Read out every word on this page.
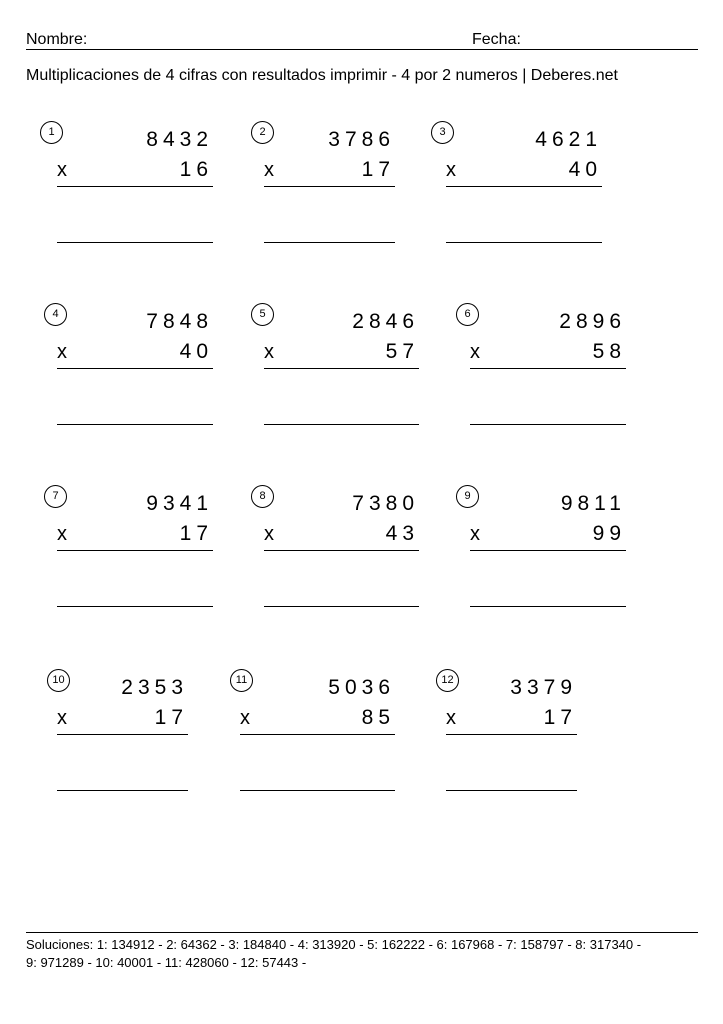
Nombre:	Fecha:
Multiplicaciones de 4 cifras con resultados imprimir - 4 por 2 numeros | Deberes.net
1	8432
x	16
2	3786
x	17
3	4621
x	40
4	7848
x	40
5	2846
x	57
6	2896
x	58
7	9341
x	17
8	7380
x	43
9	9811
x	99
10	2353
x	17
11	5036
x	85
12	3379
x	17
Soluciones: 1: 134912 - 2: 64362 - 3: 184840 - 4: 313920 - 5: 162222 - 6: 167968 - 7: 158797 - 8: 317340 -
9: 971289 - 10: 40001 - 11: 428060 - 12: 57443 -
